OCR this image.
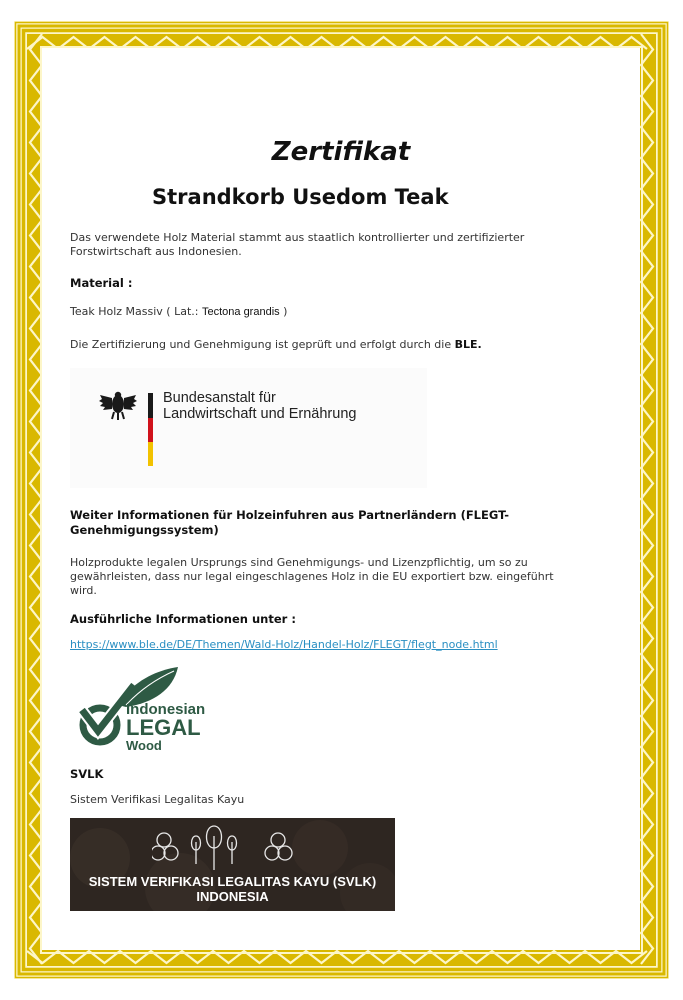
Zertifikat
Strandkorb Usedom Teak
Das verwendete Holz Material stammt aus staatlich kontrollierter und zertifizierter
Forstwirtschaft aus Indonesien.
Material :
Teak Holz Massiv ( Lat.: Tectona grandis )
Die Zertifizierung und Genehmigung ist geprüft und erfolgt durch die BLE.
Bundesanstalt für
Landwirtschaft und Ernährung
Weiter Informationen für Holzeinfuhren aus Partnerländern (FLEGT-
Genehmigungssystem)
Holzprodukte legalen Ursprungs sind Genehmigungs- und Lizenzpflichtig, um so zu
gewährleisten, dass nur legal eingeschlagenes Holz in die EU exportiert bzw. eingeführt
wird.
Ausführliche Informationen unter :
https://www.ble.de/DE/Themen/Wald-Holz/Handel-Holz/FLEGT/flegt_node.html
Indonesian
LEGAL
Wood
SVLK
Sistem Verifikasi Legalitas Kayu
SISTEM VERIFIKASI LEGALITAS KAYU (SVLK)
INDONESIA
